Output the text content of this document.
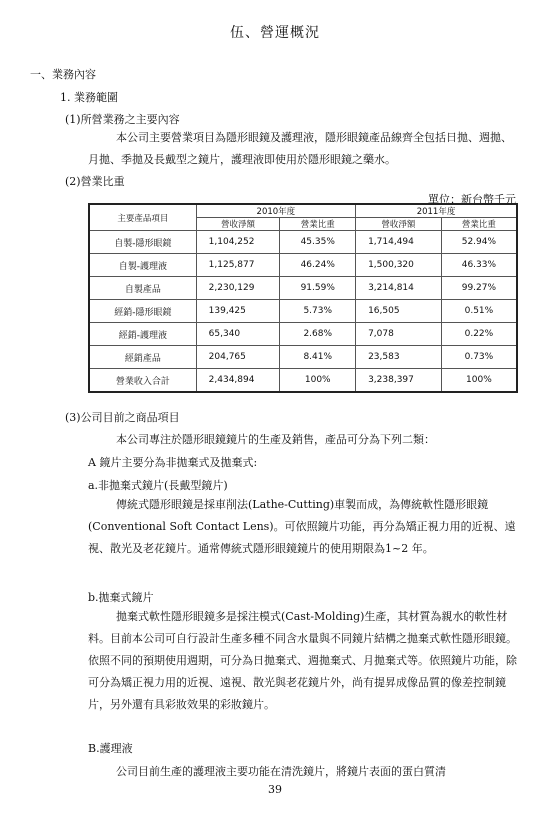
伍、營運概況
一、業務內容
1. 業務範圍
(1)所營業務之主要內容

本公司主要營業項目為隱形眼鏡及護理液，隱形眼鏡產品線齊全包括日拋、週拋、月拋、季拋及長戴型之鏡片，護理液即使用於隱形眼鏡之藥水。

(2)營業比重
單位：新台幣千元
主要產品項目	2010年度		2011年度	
	營收淨額	營業比重	營收淨額	營業比重
自製-隱形眼鏡	1,104,252	45.35%	1,714,494	52.94%
自製-護理液	1,125,877	46.24%	1,500,320	46.33%
自製產品	2,230,129	91.59%	3,214,814	99.27%
經銷-隱形眼鏡	139,425	5.73%	16,505	0.51%
經銷-護理液	65,340	2.68%	7,078	0.22%
經銷產品	204,765	8.41%	23,583	0.73%
營業收入合計	2,434,894	100%	3,238,397	100%
(3)公司目前之商品項目
本公司專注於隱形眼鏡鏡片的生產及銷售，產品可分為下列二類：
A 鏡片主要分為非拋棄式及拋棄式:
a.非拋棄式鏡片(長戴型鏡片)

傳統式隱形眼鏡是採車削法(Lathe-Cutting)車製而成，為傳統軟性隱形眼鏡(Conventional Soft Contact Lens)。可依照鏡片功能，再分為矯正視力用的近視、遠視、散光及老花鏡片。通常傳統式隱形眼鏡鏡片的使用期限為1~2 年。

b.拋棄式鏡片

拋棄式軟性隱形眼鏡多是採注模式(Cast-Molding)生產，其材質為親水的軟性材料。目前本公司可自行設計生產多種不同含水量與不同鏡片結構之拋棄式軟性隱形眼鏡。依照不同的預期使用週期，可分為日拋棄式、週拋棄式、月拋棄式等。依照鏡片功能，除可分為矯正視力用的近視、遠視、散光與老花鏡片外，尚有提昇成像品質的像差控制鏡片，另外還有具彩妝效果的彩妝鏡片。

B.護理液
公司目前生產的護理液主要功能在清洗鏡片，將鏡片表面的蛋白質清
39
